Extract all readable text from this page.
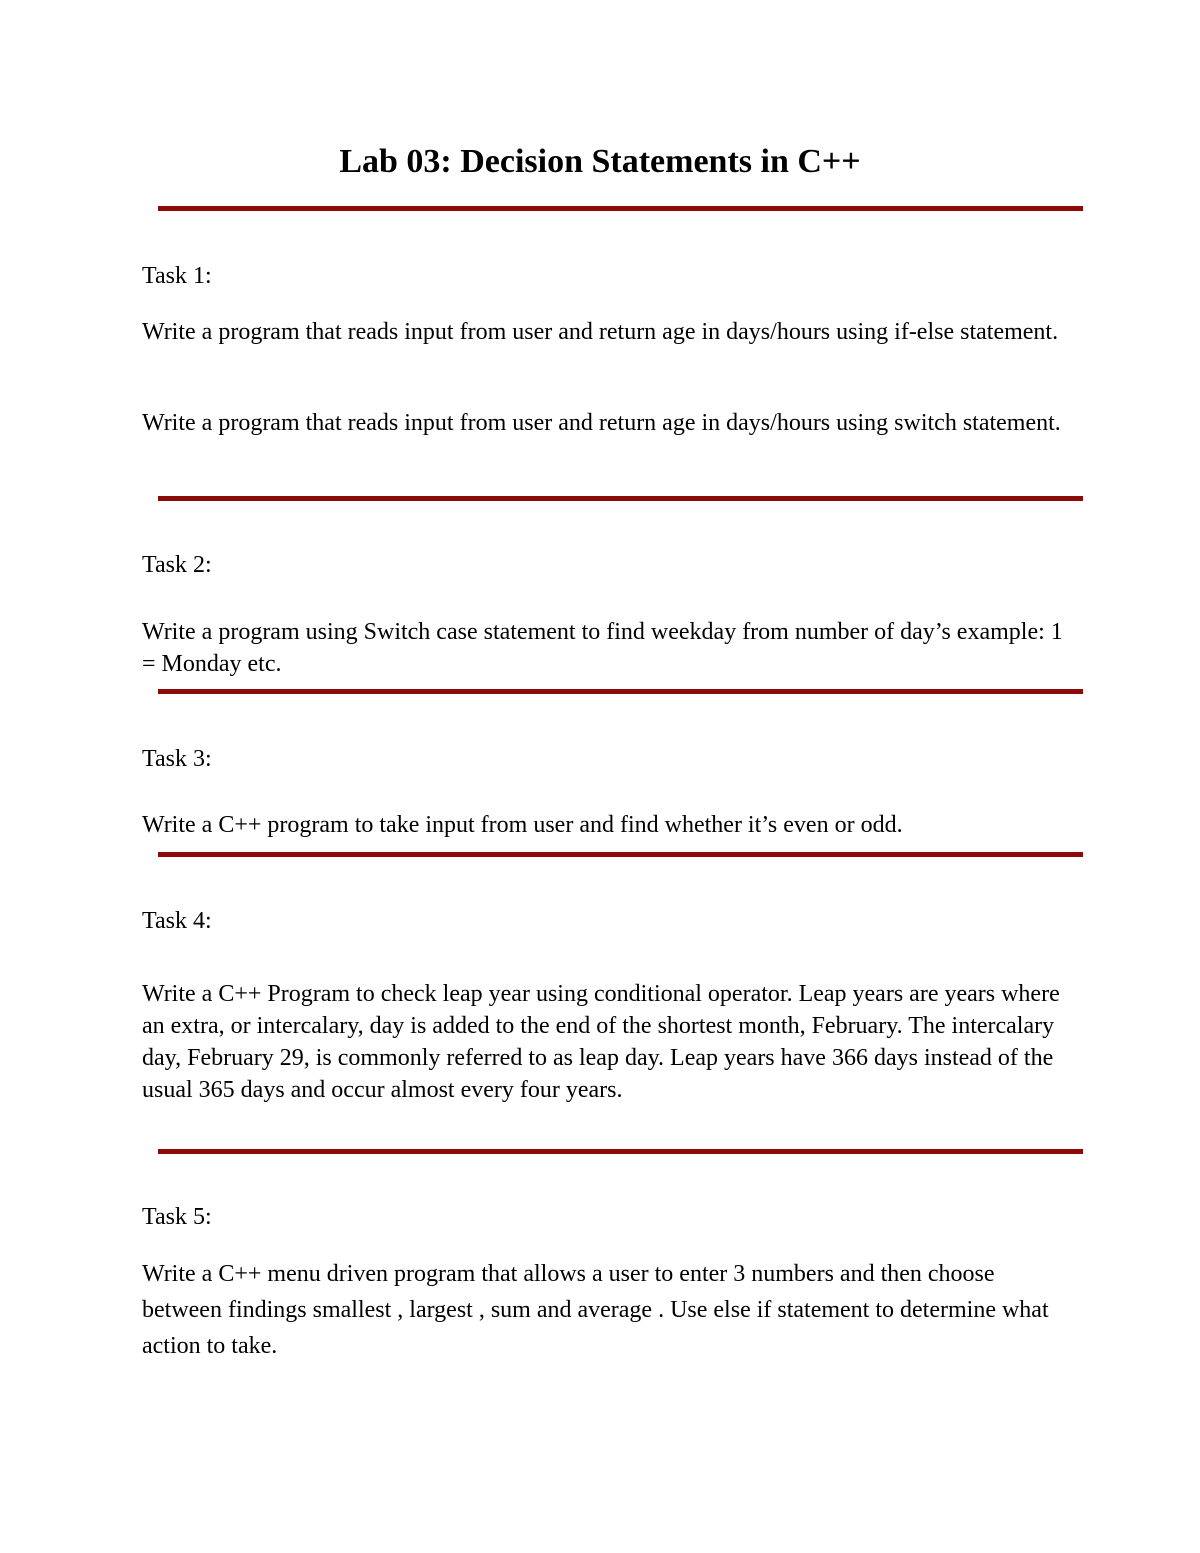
Lab 03: Decision Statements in C++

Task 1:

Write a program that reads input from user and return age in days/hours using if-else statement.

Write a program that reads input from user and return age in days/hours using switch statement.

Task 2:

Write a program using Switch case statement to find weekday from number of day’s example: 1 = Monday etc.

Task 3:

Write a C++ program to take input from user and find whether it’s even or odd.

Task 4:

Write a C++ Program to check leap year using conditional operator. Leap years are years where an extra, or intercalary, day is added to the end of the shortest month, February. The intercalary day, February 29, is commonly referred to as leap day. Leap years have 366 days instead of the usual 365 days and occur almost every four years.

Task 5:

Write a C++ menu driven program that allows a user to enter 3 numbers and then choose between findings smallest , largest , sum and average . Use else if statement to determine what action to take.
